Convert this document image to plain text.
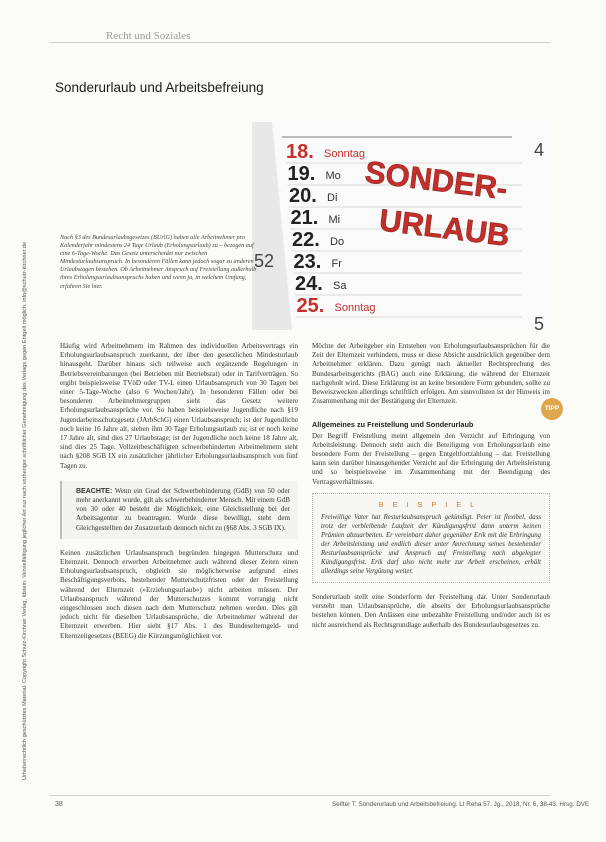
Urheberrechtlich geschütztes Material. Copyright Schulz-Kirchner Verlag, Idstein. Vervielfältigung jeglicher Art nur nach vorheriger schriftlicher Genehmigung des Verlags gegen Entgelt möglich. info@schulz-kirchner.de
Recht und Soziales
Sonderurlaub und Arbeitsbefreiung
18. Sonntag
19. Mo
20. Di
21. Mi
22. Do
23. Fr
24. Sa
25. Sonntag
52
4
5
SONDER-
URLAUB
Nach §3 des Bundesurlaubsgesetzes (BUrlG) haben alle Arbeitnehmer pro Kalenderjahr mindestens 24 Tage Urlaub (Erholungsurlaub) zu – bezogen auf eine 6-Tage-Woche. Das Gesetz unterscheidet nur zwischen Mindesturlaubsanspruch. In besonderen Fällen kann jedoch sogar zu anderen Urlaubstagen bestehen. Ob Arbeitnehmer Anspruch auf Freistellung außerhalb ihres Erholungsurlaubsanspruchs haben und wenn ja, in welchem Umfang, erfahren Sie hier.

Häufig wird Arbeitnehmern im Rahmen des individuellen Arbeitsvertrags ein Erholungsurlaubsanspruch zuerkannt, der über den gesetzlichen Mindesturlaub hinausgeht. Darüber hinaus sich teilweise auch ergänzende Regelungen in Betriebsvereinbarungen (bei Betrieben mit Betriebsrat) oder in Tarifverträgen. So ergibt beispielsweise TVöD oder TV-L einen Urlaubsanspruch von 30 Tagen bei einer 5-Tage-Woche (also 6 Wochen/Jahr). In besonderen Fällen oder bei besonderen Arbeitnehmergruppen sieht das Gesetz weitere Erholungsurlaubsansprüche vor. So haben beispielsweise Jugendliche nach §19 Jugendarbeitsschutzgesetz (JArbSchG) einen Urlaubsanspruch; ist der Jugendliche noch keine 16 Jahre alt, stehen ihm 30 Tage Erholungsurlaub zu; ist er noch keine 17 Jahre alt, sind dies 27 Urlaubstage; ist der Jugendliche noch keine 18 Jahre alt, sind dies 25 Tage. Vollzeitbeschäftigten schwerbehinderten Arbeitnehmern steht nach §208 SGB IX ein zusätzlicher jährlicher Erholungsurlaubsanspruch von fünf Tagen zu.

BEACHTE: Wenn ein Grad der Schwerbehinderung (GdB) von 50 oder mehr anerkannt wurde, gilt als schwerbehinderter Mensch. Mit einem GdB von 30 oder 40 besteht die Möglichkeit, eine Gleichstellung bei der Arbeitsagentur zu beantragen. Wurde diese bewilligt, steht dem Gleichgestellten der Zusatzurlaub dennoch nicht zu (§68 Abs. 3 SGB IX).

Keinen zusätzlichen Urlaubsanspruch begründen hingegen Mutterschutz und Elternzeit. Dennoch erwerben Arbeitnehmer auch während dieser Zeiten einen Erholungsurlaubsanspruch, obgleich sie möglicherweise aufgrund eines Beschäftigungsverbots, bestehender Mutterschutzfristen oder der Freistellung während der Elternzeit (»Erziehungsurlaub«) nicht arbeiten müssen. Der Urlaubsanspruch während der Mutterschutzes kommt vorrangig nicht eingeschlossen noch diesen nach dem Mutterschutz nehmen werden. Dies gilt jedoch nicht für dieselben Urlaubsansprüche, die Arbeitnehmer während der Elternzeit erwerben. Hier sieht §17 Abs. 1 des Bundeselterngeld- und Elternzeitgesetzes (BEEG) die Kürzungsmöglichkeit vor.

Möchte der Arbeitgeber ein Entstehen von Erholungsurlaubsansprüchen für die Zeit der Elternzeit verhindern, muss er diese Absicht ausdrücklich gegenüber dem Arbeitnehmer erklären. Dazu genügt nach aktueller Rechtsprechung des Bundesarbeitsgerichts (BAG) auch eine Erklärung, die während der Elternzeit nachgeholt wird. Diese Erklärung ist an keine besondere Form gebunden, sollte zu Beweiszwecken allerdings schriftlich erfolgen. Am sinnvollsten ist der Hinweis im Zusammenhang mit der Bestätigung der Elternzeit.

Allgemeines zu Freistellung und Sonderurlaub

Der Begriff Freistellung meint allgemein den Verzicht auf Erbringung von Arbeitsleistung. Dennoch steht auch die Beteiligung von Erholungsurlaub eine besondere Form der Freistellung – gegen Entgeltfortzahlung – dar. Freistellung kann sein darüber hinausgehender Verzicht auf die Erbringung der Arbeitsleistung und so beispielsweise im Zusammenhang mit der Beendigung des Vertragsverhältnisses.

BEISPIEL
Freiwillige Vater hat Resturlaubsanspruch gekündigt. Peter ist flexibel, dass trotz der verbleibende Laufzeit der Kündigungsfrist dann unterm keinen Prämien abzuarbeiten. Er vereinbart daher gegenüber Erik mit die Erbringung der Arbeitsleistung und endlich dieser unter Anrechnung seines bestehender Resturlaubsansprüche und Anspruch auf Freistellung nach abgelegter Kündigungsfrist. Erik darf also nicht mehr zur Arbeit erscheinen, erhält allerdings seine Vergütung weiter.

Sonderurlaub stellt eine Sonderform der Freistellung dar. Unter Sonderurlaub versteht man Urlaubsansprüche, die abseits der Erholungsurlaubsansprüche bestehen können. Den Anlässen eine unbezahlte Freistellung und/oder auch ist es nicht ausreichend als Rechtsgrundlage außerhalb des Bundesurlaubsgesetzes zu.

TIPP
38	Seifter T. Sonderurlaub und Arbeitsbefreiung. Lt Reha 57. Jg., 2018, Nr. 6, 38-43. Hrsg. DVE
